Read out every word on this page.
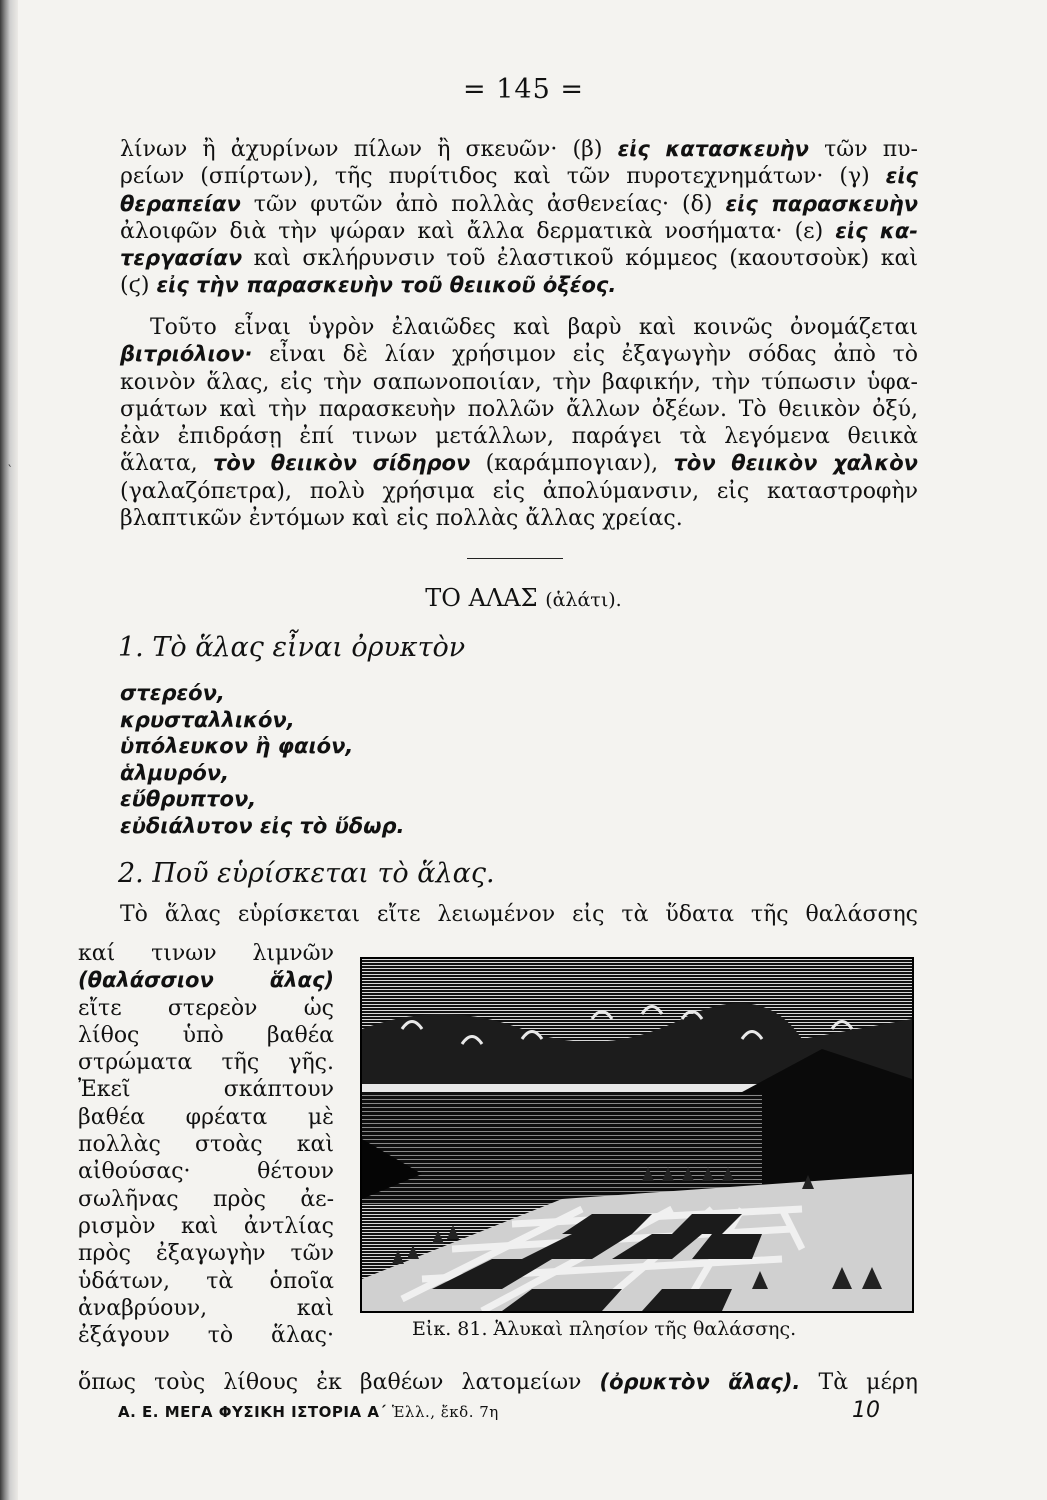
‵
= 145 =
λίνων ἢ ἀχυρίνων πίλων ἢ σκευῶν· (β) εἰς κατασκευὴν τῶν πυ-
ρείων (σπίρτων), τῆς πυρίτιδος καὶ τῶν πυροτεχνημάτων· (γ) εἰς
θεραπείαν τῶν φυτῶν ἀπὸ πολλὰς ἀσθενείας· (δ) εἰς παρασκευὴν
ἀλοιφῶν διὰ τὴν ψώραν καὶ ἄλλα δερματικὰ νοσήματα· (ε) εἰς κα-
τεργασίαν καὶ σκλήρυνσιν τοῦ ἐλαστικοῦ κόμμεος (καουτσοὺκ) καὶ
(ϛ) εἰς τὴν παρασκευὴν τοῦ θειικοῦ ὀξέος.
Τοῦτο εἶναι ὑγρὸν ἐλαιῶδες καὶ βαρὺ καὶ κοινῶς ὀνομάζεται
βιτριόλιον· εἶναι δὲ λίαν χρήσιμον εἰς ἐξαγωγὴν σόδας ἀπὸ τὸ
κοινὸν ἅλας, εἰς τὴν σαπωνοποιίαν, τὴν βαφικήν, τὴν τύπωσιν ὑφα-
σμάτων καὶ τὴν παρασκευὴν πολλῶν ἄλλων ὀξέων. Τὸ θειικὸν ὀξύ,
ἐὰν ἐπιδράσῃ ἐπί τινων μετάλλων, παράγει τὰ λεγόμενα θειικὰ
ἅλατα, τὸν θειικὸν σίδηρον (καράμπογιαν), τὸν θειικὸν χαλκὸν
(γαλαζόπετρα), πολὺ χρήσιμα εἰς ἀπολύμανσιν, εἰς καταστροφὴν
βλαπτικῶν ἐντόμων καὶ εἰς πολλὰς ἄλλας χρείας.
ΤΟ ΑΛΑΣ (ἁλάτι).
1. Τὸ ἅλας εἶναι ὀρυκτὸν
στερεόν,
κρυσταλλικόν,
ὑπόλευκον ἢ φαιόν,
ἁλμυρόν,
εὔθρυπτον,
εὐδιάλυτον εἰς τὸ ὕδωρ.
2. Ποῦ εὑρίσκεται τὸ ἅλας.
Τὸ ἅλας εὑρίσκεται εἴτε λειωμένον εἰς τὰ ὕδατα τῆς θαλάσσης
καί τινων λιμνῶν
(θαλάσσιον ἅλας)
εἴτε στερεὸν ὡς
λίθος ὑπὸ βαθέα
στρώματα τῆς γῆς.
Ἐκεῖ σκάπτουν
βαθέα φρέατα μὲ
πολλὰς στοὰς καὶ
αἰθούσας· θέτουν
σωλῆνας πρὸς ἀε-
ρισμὸν καὶ ἀντλίας
πρὸς ἐξαγωγὴν τῶν
ὑδάτων, τὰ ὁποῖα
ἀναβρύουν, καὶ
ἐξάγουν τὸ ἅλας·	Εἰκ. 81. Ἁλυκαὶ πλησίον τῆς θαλάσσης.
ὅπως τοὺς λίθους ἐκ βαθέων λατομείων (ὀρυκτὸν ἅλας). Τὰ μέρη
Α. Ε. ΜΕΓΑ ΦΥΣΙΚΗ ΙΣΤΟΡΙΑ Α΄ Ἑλλ., ἔκδ. 7η	10
